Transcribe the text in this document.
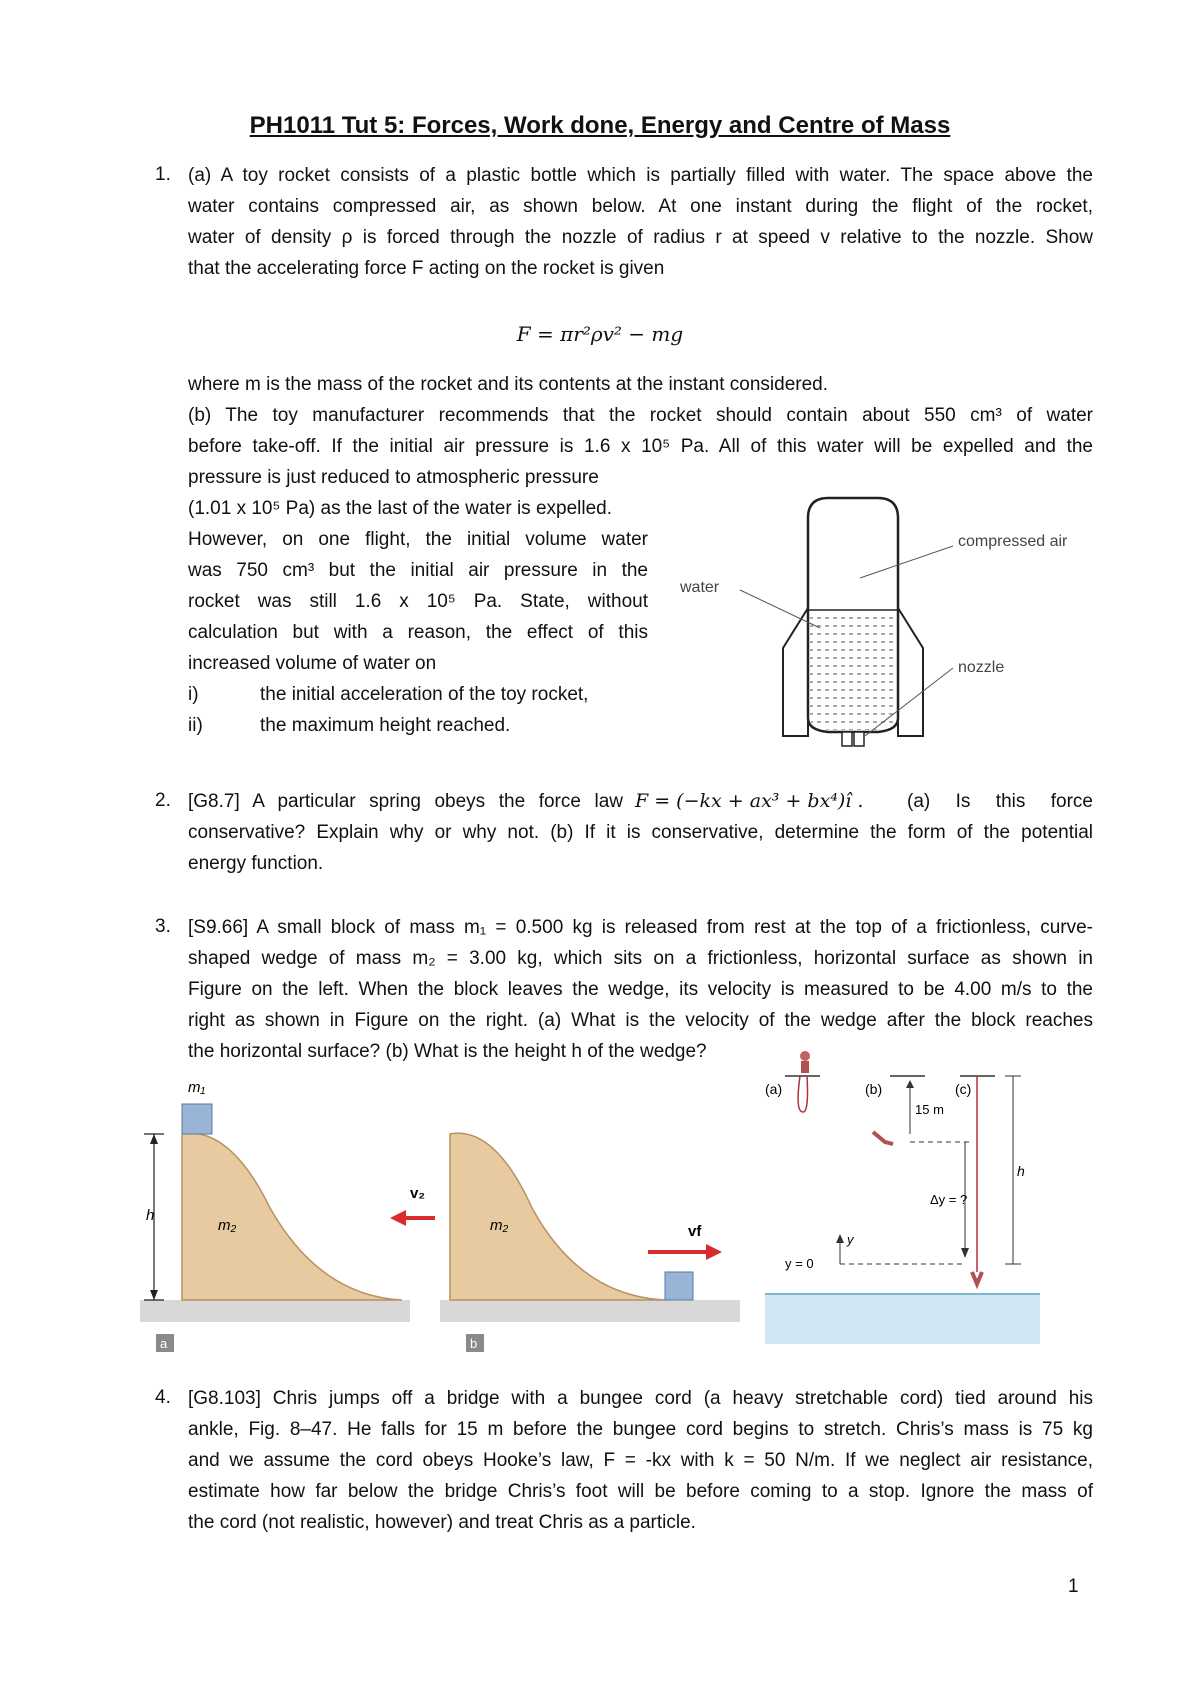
PH1011 Tut 5: Forces, Work done, Energy and Centre of Mass
1. (a) A toy rocket consists of a plastic bottle which is partially filled with water. The space above the
water contains compressed air, as shown below. At one instant during the flight of the rocket,
water of density ρ is forced through the nozzle of radius r at speed v relative to the nozzle. Show
that the accelerating force F acting on the rocket is given
F = πr²ρv² − mg
where m is the mass of the rocket and its contents at the instant considered.
(b) The toy manufacturer recommends that the rocket should contain about 550 cm³ of water
before take-off. If the initial air pressure is 1.6 x 10⁵ Pa. All of this water will be expelled and the
pressure is just reduced to atmospheric pressure
(1.01 x 10⁵ Pa) as the last of the water is expelled.
However, on one flight, the initial volume water
was 750 cm³ but the initial air pressure in the
rocket was still 1.6 x 10⁵ Pa. State, without
calculation but with a reason, the effect of this
increased volume of water on
i)	the initial acceleration of the toy rocket,
ii)	the maximum height reached.
water
compressed air
nozzle
2. [G8.7] A particular spring obeys the force law F = (−kx + ax³ + bx⁴)î . (a) Is this force
conservative? Explain why or why not. (b) If it is conservative, determine the form of the potential
energy function.
3. [S9.66] A small block of mass m₁ = 0.500 kg is released from rest at the top of a frictionless, curve-
shaped wedge of mass m₂ = 3.00 kg, which sits on a frictionless, horizontal surface as shown in
Figure on the left. When the block leaves the wedge, its velocity is measured to be 4.00 m/s to the
right as shown in Figure on the right. (a) What is the velocity of the wedge after the block reaches
the horizontal surface? (b) What is the height h of the wedge?
h
m₁
m₂
a
v₂
vf
m₂
b
(a)	(b)
15 m
(c)
Δy = ?
h
y
y = 0
4. [G8.103] Chris jumps off a bridge with a bungee cord (a heavy stretchable cord) tied around his
ankle, Fig. 8–47. He falls for 15 m before the bungee cord begins to stretch. Chris’s mass is 75 kg
and we assume the cord obeys Hooke’s law, F = -kx with k = 50 N/m. If we neglect air resistance,
estimate how far below the bridge Chris’s foot will be before coming to a stop. Ignore the mass of
the cord (not realistic, however) and treat Chris as a particle.
1
